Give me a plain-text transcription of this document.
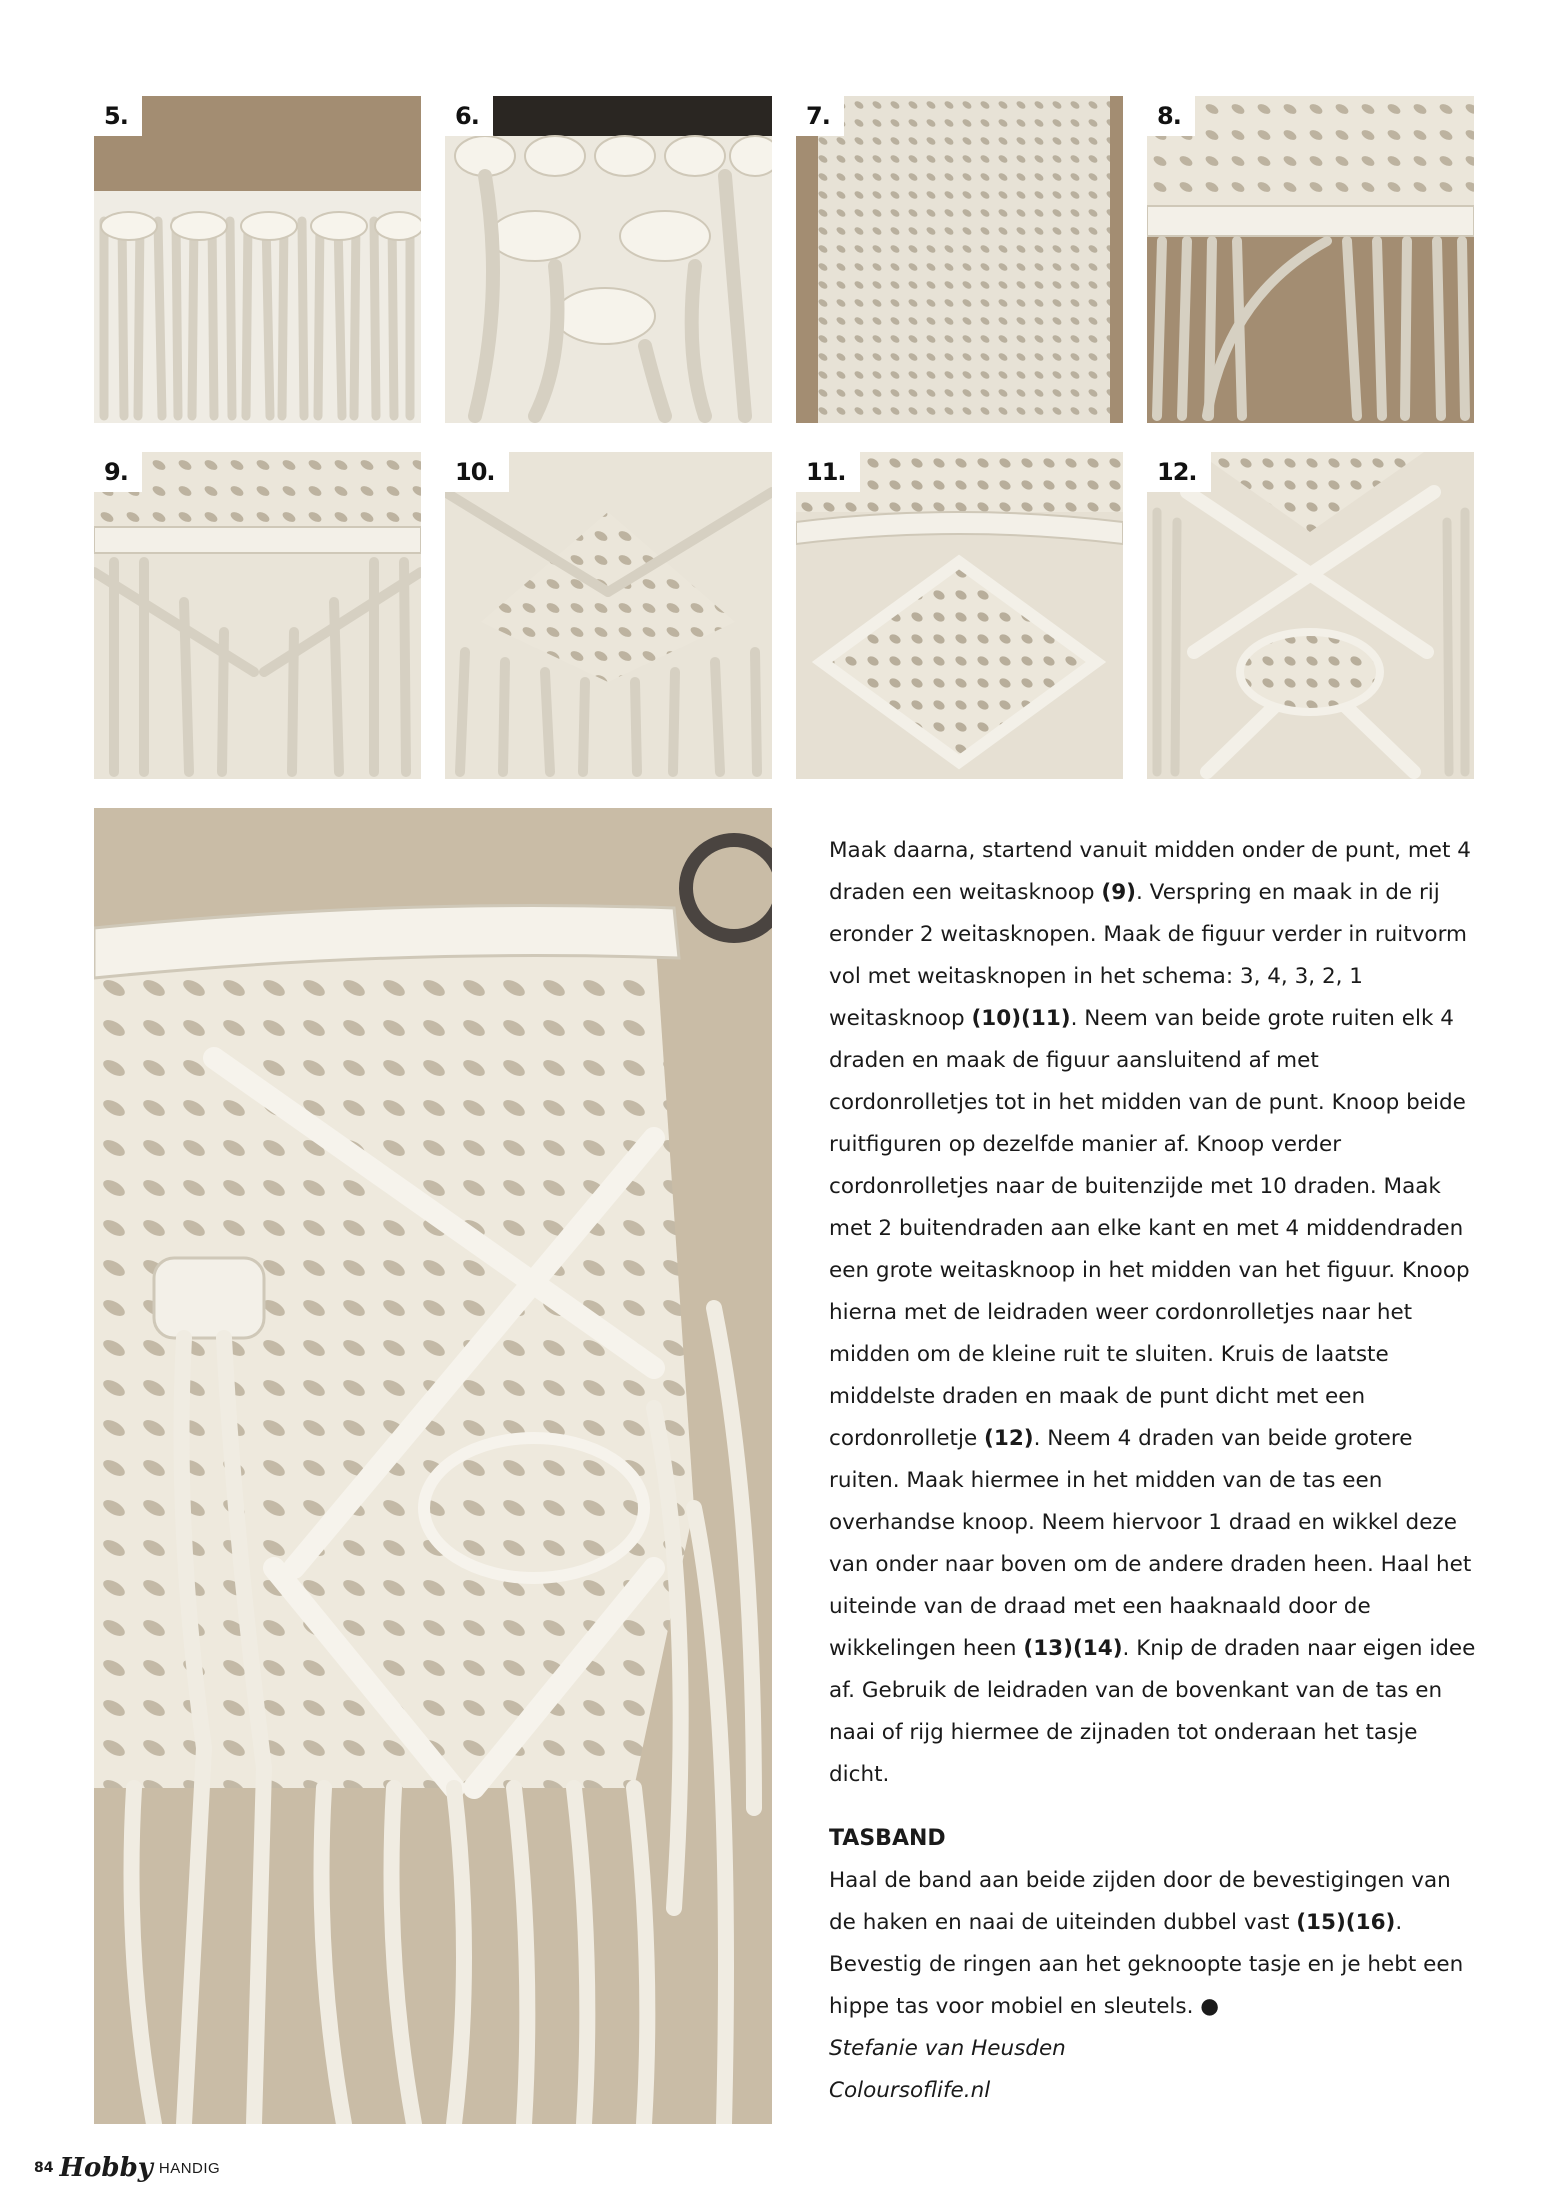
5.	6.	7.	8.
9.	10.	11.	12.

Maak daarna, startend vanuit midden onder de punt, met 4 draden een weitasknoop (9). Verspring en maak in de rij eronder 2 weitasknopen. Maak de figuur verder in ruitvorm vol met weitasknopen in het schema: 3, 4, 3, 2, 1 weitasknoop (10)(11). Neem van beide grote ruiten elk 4 draden en maak de figuur aansluitend af met cordonrolletjes tot in het midden van de punt. Knoop beide ruitfiguren op dezelfde manier af. Knoop verder cordonrolletjes naar de buitenzijde met 10 draden. Maak met 2 buitendraden aan elke kant en met 4 middendraden een grote weitasknoop in het midden van het figuur. Knoop hierna met de leidraden weer cordonrolletjes naar het midden om de kleine ruit te sluiten. Kruis de laatste middelste draden en maak de punt dicht met een cordonrolletje (12). Neem 4 draden van beide grotere ruiten. Maak hiermee in het midden van de tas een overhandse knoop. Neem hiervoor 1 draad en wikkel deze van onder naar boven om de andere draden heen. Haal het uiteinde van de draad met een haaknaald door de wikkelingen heen (13)(14). Knip de draden naar eigen idee af. Gebruik de leidraden van de bovenkant van de tas en naai of rijg hiermee de zijnaden tot onderaan het tasje dicht.

TASBAND

Haal de band aan beide zijden door de bevestigingen van de haken en naai de uiteinden dubbel vast (15)(16). Bevestig de ringen aan het geknoopte tasje en je hebt een hippe tas voor mobiel en sleutels. ●

Stefanie van Heusden

Coloursoflife.nl

84 Hobby HANDIG
